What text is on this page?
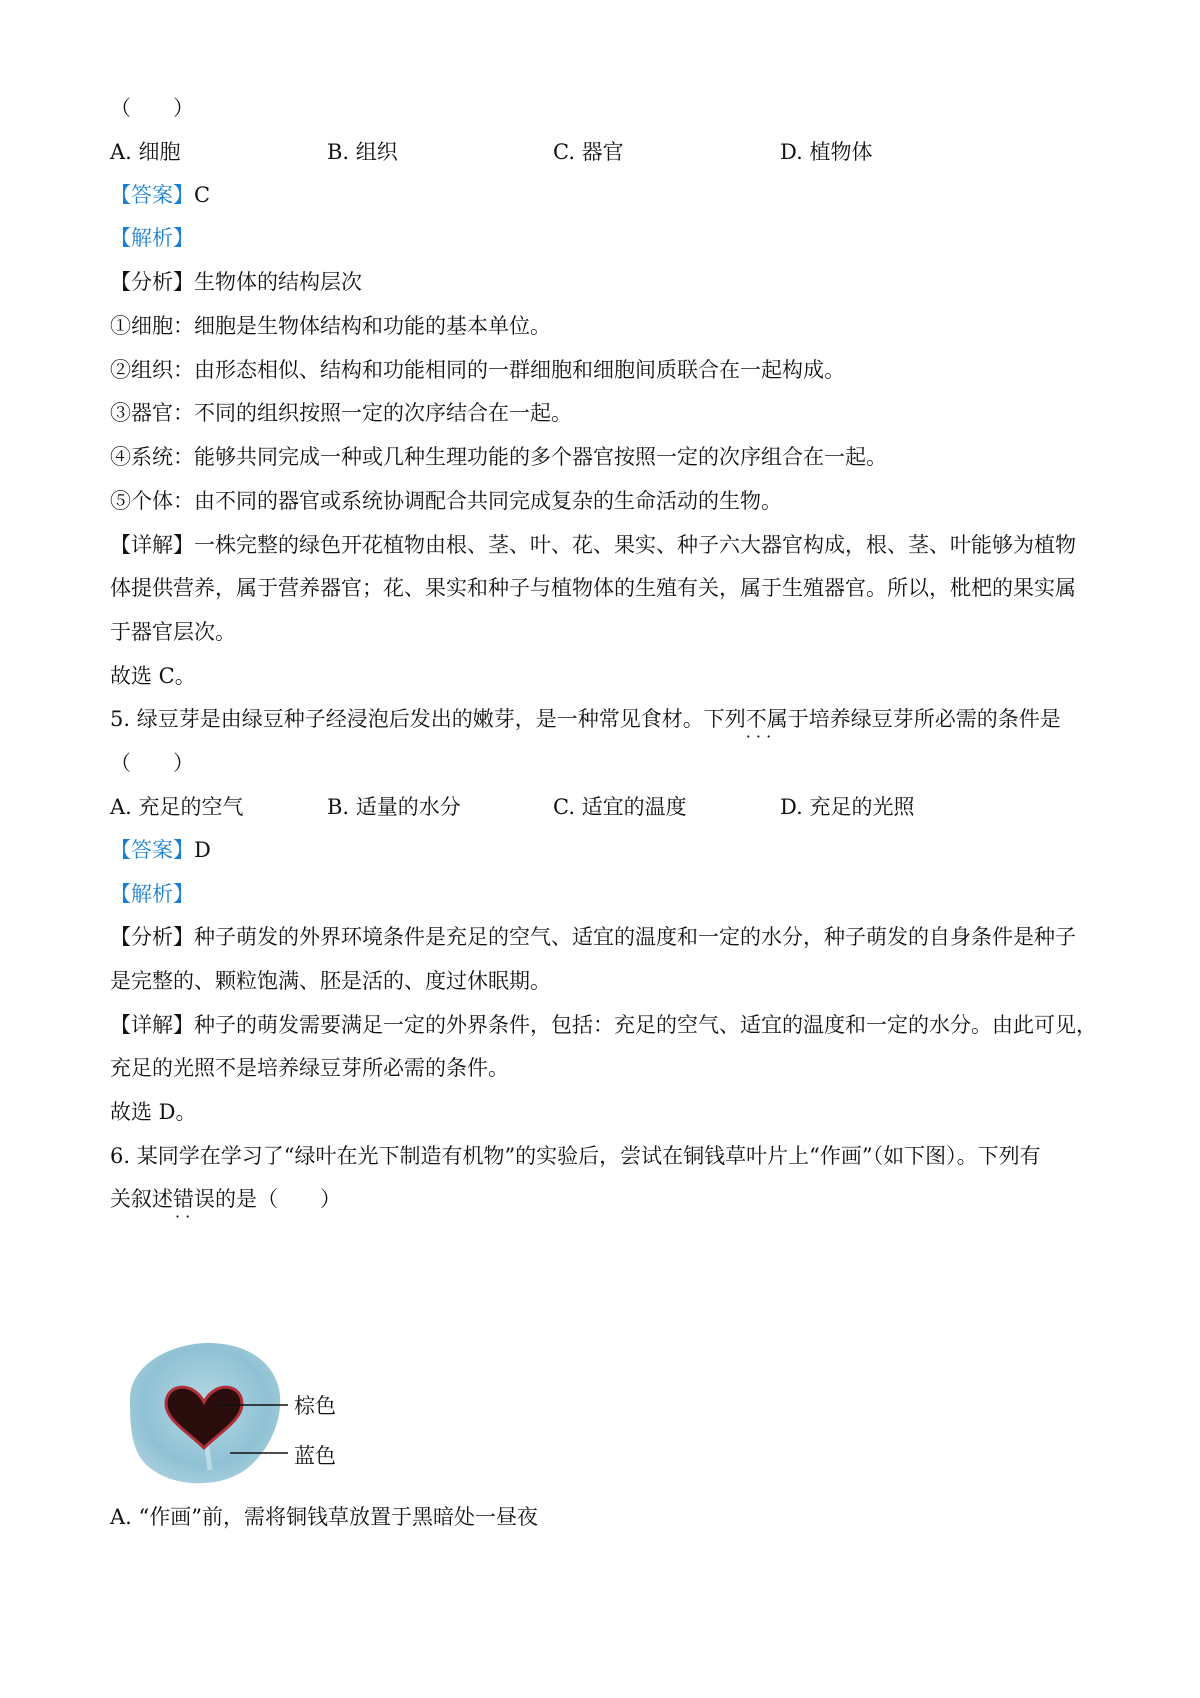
（　　）
A. 细胞	B. 组织	C. 器官	D. 植物体
【答案】C
【解析】
【分析】生物体的结构层次
①细胞：细胞是生物体结构和功能的基本单位。
②组织：由形态相似、结构和功能相同的一群细胞和细胞间质联合在一起构成。
③器官：不同的组织按照一定的次序结合在一起。
④系统：能够共同完成一种或几种生理功能的多个器官按照一定的次序组合在一起。
⑤个体：由不同的器官或系统协调配合共同完成复杂的生命活动的生物。
【详解】一株完整的绿色开花植物由根、茎、叶、花、果实、种子六大器官构成，根、茎、叶能够为植物
体提供营养，属于营养器官；花、果实和种子与植物体的生殖有关，属于生殖器官。所以，枇杷的果实属
于器官层次。
故选 C。
5. 绿豆芽是由绿豆种子经浸泡后发出的嫩芽，是一种常见食材。下列不属于 · · ·培养绿豆芽所必需的条件是
（　　）
A. 充足的空气	B. 适量的水分	C. 适宜的温度	D. 充足的光照
【答案】D
【解析】
【分析】种子萌发的外界环境条件是充足的空气、适宜的温度和一定的水分，种子萌发的自身条件是种子
是完整的、颗粒饱满、胚是活的、度过休眠期。
【详解】种子的萌发需要满足一定的外界条件，包括：充足的空气、适宜的温度和一定的水分。由此可见，
充足的光照不是培养绿豆芽所必需的条件。
故选 D。
6. 某同学在学习了“绿叶在光下制造有机物”的实验后，尝试在铜钱草叶片上“作画”（如下图）。下列有
关叙述错误 · ·的是（　　）
棕色
蓝色
A. “作画”前，需将铜钱草放置于黑暗处一昼夜
